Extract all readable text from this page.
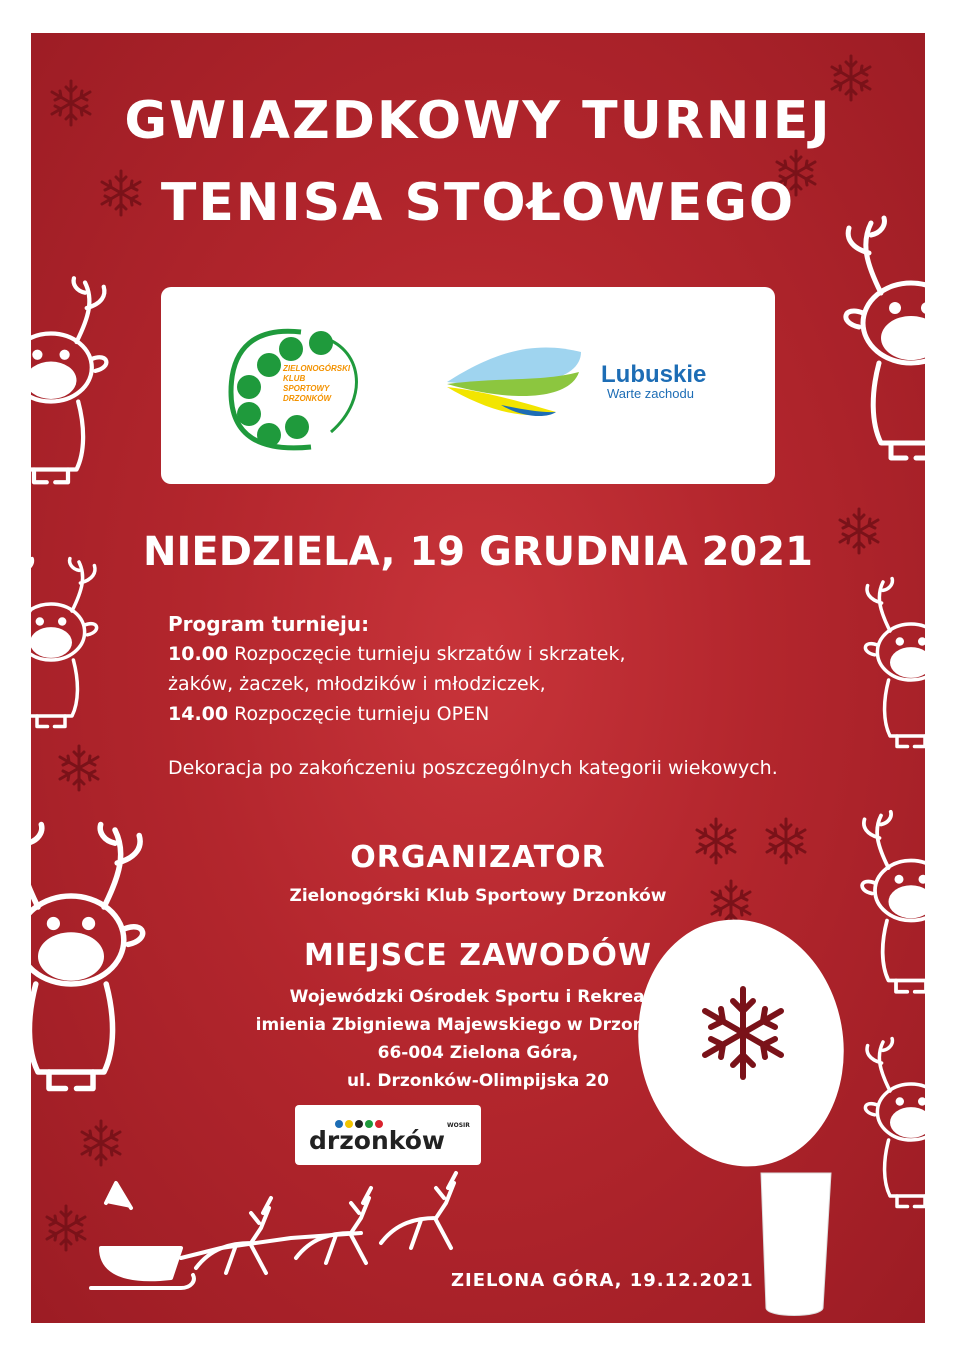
GWIAZDKOWY TURNIEJ
TENISA STOŁOWEGO
ZIELONOGÓRSKI
KLUB
SPORTOWY
DRZONKÓW
Lubuskie
Warte zachodu
NIEDZIELA, 19 GRUDNIA 2021
Program turnieju:
10.00 Rozpoczęcie turnieju skrzatów i skrzatek,
żaków, żaczek, młodzików i młodziczek,
14.00 Rozpoczęcie turnieju OPEN
Dekoracja po zakończeniu poszczególnych kategorii wiekowych.
ORGANIZATOR
Zielonogórski Klub Sportowy Drzonków
MIEJSCE ZAWODÓW
Wojewódzki Ośrodek Sportu i Rekreacji
imienia Zbigniewa Majewskiego w Drzonkowie
66-004 Zielona Góra,
ul. Drzonków-Olimpijska 20
drzonków
WOSIR
ZIELONA GÓRA, 19.12.2021
